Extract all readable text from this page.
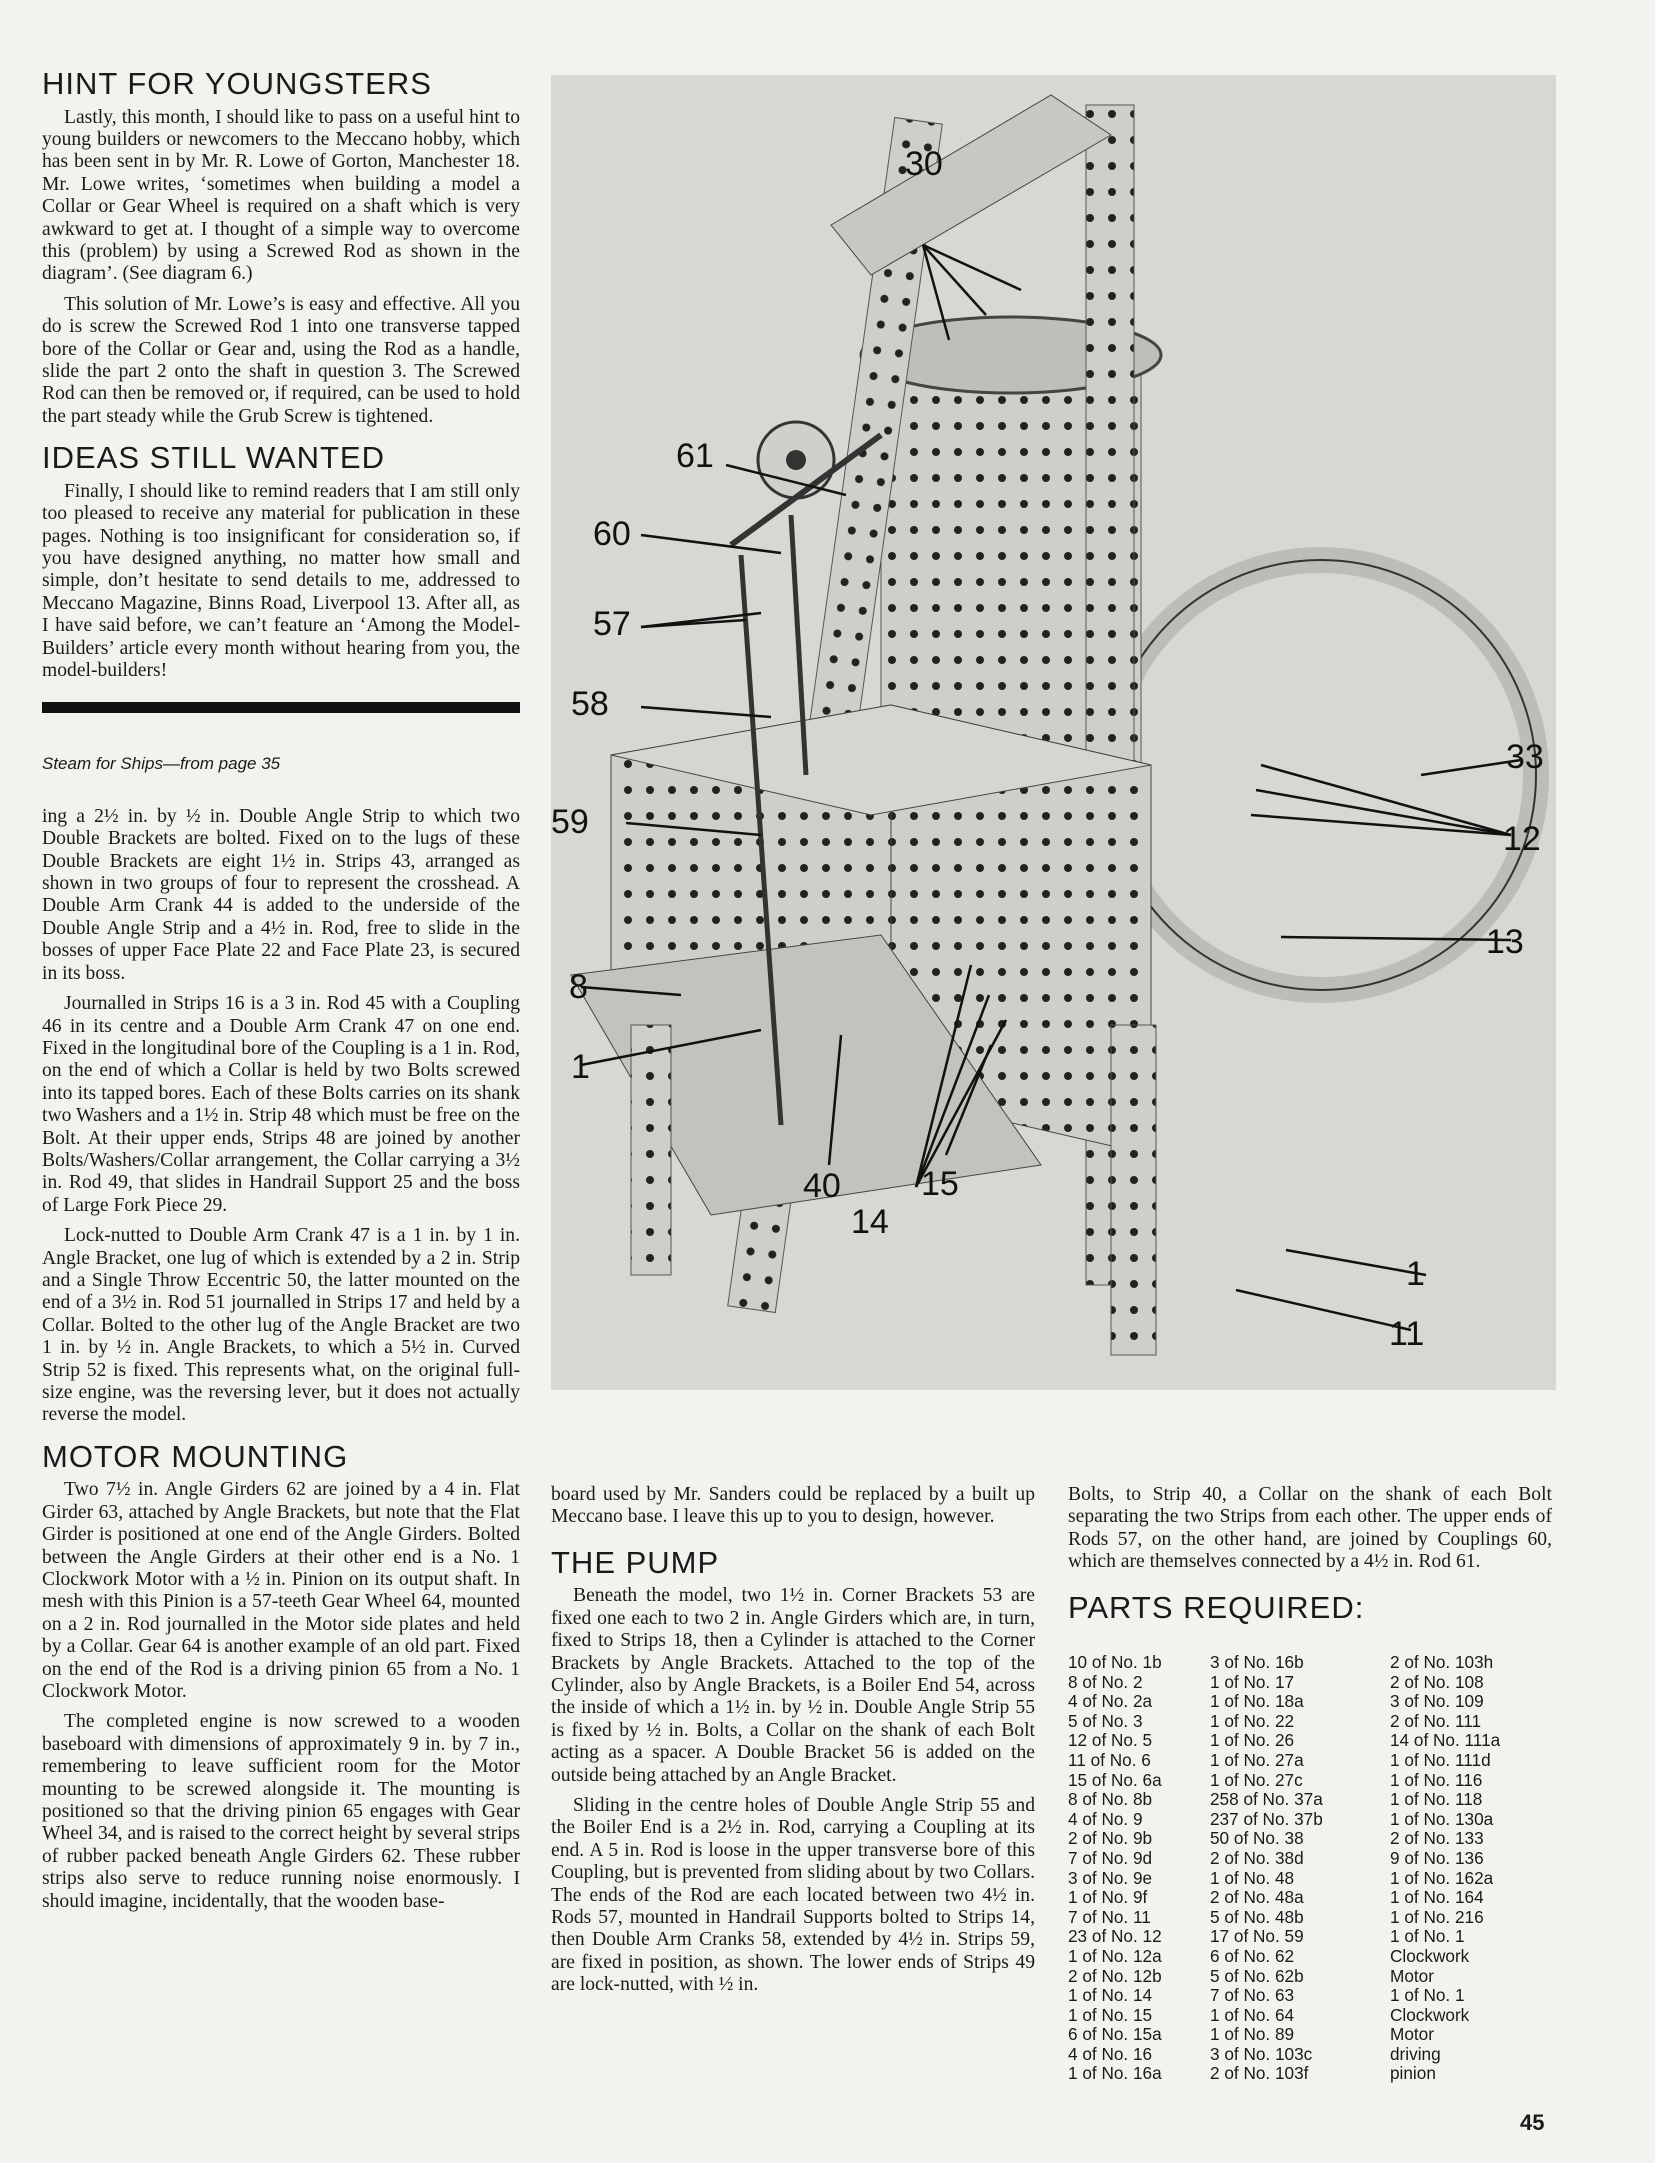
HINT FOR YOUNGSTERS

Lastly, this month, I should like to pass on a useful hint to young builders or newcomers to the Meccano hobby, which has been sent in by Mr. R. Lowe of Gorton, Manchester 18. Mr. Lowe writes, ‘sometimes when building a model a Collar or Gear Wheel is required on a shaft which is very awkward to get at. I thought of a simple way to overcome this (problem) by using a Screwed Rod as shown in the diagram’. (See diagram 6.)

This solution of Mr. Lowe’s is easy and effective. All you do is screw the Screwed Rod 1 into one transverse tapped bore of the Collar or Gear and, using the Rod as a handle, slide the part 2 onto the shaft in question 3. The Screwed Rod can then be removed or, if required, can be used to hold the part steady while the Grub Screw is tightened.

IDEAS STILL WANTED

Finally, I should like to remind readers that I am still only too pleased to receive any material for publication in these pages. Nothing is too insignificant for consideration so, if you have designed anything, no matter how small and simple, don’t hesitate to send details to me, addressed to Meccano Magazine, Binns Road, Liverpool 13. After all, as I have said before, we can’t feature an ‘Among the Model-Builders’ article every month without hearing from you, the model-builders!

Steam for Ships—from page 35

ing a 2½ in. by ½ in. Double Angle Strip to which two Double Brackets are bolted. Fixed on to the lugs of these Double Brackets are eight 1½ in. Strips 43, arranged as shown in two groups of four to represent the crosshead. A Double Arm Crank 44 is added to the underside of the Double Angle Strip and a 4½ in. Rod, free to slide in the bosses of upper Face Plate 22 and Face Plate 23, is secured in its boss.

Journalled in Strips 16 is a 3 in. Rod 45 with a Coupling 46 in its centre and a Double Arm Crank 47 on one end. Fixed in the longitudinal bore of the Coupling is a 1 in. Rod, on the end of which a Collar is held by two Bolts screwed into its tapped bores. Each of these Bolts carries on its shank two Washers and a 1½ in. Strip 48 which must be free on the Bolt. At their upper ends, Strips 48 are joined by another Bolts/Washers/Collar arrangement, the Collar carrying a 3½ in. Rod 49, that slides in Handrail Support 25 and the boss of Large Fork Piece 29.

Lock-nutted to Double Arm Crank 47 is a 1 in. by 1 in. Angle Bracket, one lug of which is extended by a 2 in. Strip and a Single Throw Eccentric 50, the latter mounted on the end of a 3½ in. Rod 51 journalled in Strips 17 and held by a Collar. Bolted to the other lug of the Angle Bracket are two 1 in. by ½ in. Angle Brackets, to which a 5½ in. Curved Strip 52 is fixed. This represents what, on the original full-size engine, was the reversing lever, but it does not actually reverse the model.

MOTOR MOUNTING

Two 7½ in. Angle Girders 62 are joined by a 4 in. Flat Girder 63, attached by Angle Brackets, but note that the Flat Girder is positioned at one end of the Angle Girders. Bolted between the Angle Girders at their other end is a No. 1 Clockwork Motor with a ½ in. Pinion on its output shaft. In mesh with this Pinion is a 57-teeth Gear Wheel 64, mounted on a 2 in. Rod journalled in the Motor side plates and held by a Collar. Gear 64 is another example of an old part. Fixed on the end of the Rod is a driving pinion 65 from a No. 1 Clockwork Motor.

The completed engine is now screwed to a wooden baseboard with dimensions of approximately 9 in. by 7 in., remembering to leave sufficient room for the Motor mounting to be screwed alongside it. The mounting is positioned so that the driving pinion 65 engages with Gear Wheel 34, and is raised to the correct height by several strips of rubber packed beneath Angle Girders 62. These rubber strips also serve to reduce running noise enormously. I should imagine, incidentally, that the wooden base-

30
61
60
57
58
59
8
1
40
14
15
33
12
13
1
11

board used by Mr. Sanders could be replaced by a built up Meccano base. I leave this up to you to design, however.

THE PUMP

Beneath the model, two 1½ in. Corner Brackets 53 are fixed one each to two 2 in. Angle Girders which are, in turn, fixed to Strips 18, then a Cylinder is attached to the Corner Brackets by Angle Brackets. Attached to the top of the Cylinder, also by Angle Brackets, is a Boiler End 54, across the inside of which a 1½ in. by ½ in. Double Angle Strip 55 is fixed by ½ in. Bolts, a Collar on the shank of each Bolt acting as a spacer. A Double Bracket 56 is added on the outside being attached by an Angle Bracket.

Sliding in the centre holes of Double Angle Strip 55 and the Boiler End is a 2½ in. Rod, carrying a Coupling at its end. A 5 in. Rod is loose in the upper transverse bore of this Coupling, but is prevented from sliding about by two Collars. The ends of the Rod are each located between two 4½ in. Rods 57, mounted in Handrail Supports bolted to Strips 14, then Double Arm Cranks 58, extended by 4½ in. Strips 59, are fixed in position, as shown. The lower ends of Strips 49 are lock-nutted, with ½ in.

Bolts, to Strip 40, a Collar on the shank of each Bolt separating the two Strips from each other. The upper ends of Rods 57, on the other hand, are joined by Couplings 60, which are themselves connected by a 4½ in. Rod 61.

PARTS REQUIRED:
10 of No. 1b
8 of No. 2
4 of No. 2a
5 of No. 3
12 of No. 5
11 of No. 6
15 of No. 6a
8 of No. 8b
4 of No. 9
2 of No. 9b
7 of No. 9d
3 of No. 9e
1 of No. 9f
7 of No. 11
23 of No. 12
1 of No. 12a
2 of No. 12b
1 of No. 14
1 of No. 15
6 of No. 15a
4 of No. 16
1 of No. 16a
3 of No. 16b
1 of No. 17
1 of No. 18a
1 of No. 22
1 of No. 26
1 of No. 27a
1 of No. 27c
258 of No. 37a
237 of No. 37b
50 of No. 38
2 of No. 38d
1 of No. 48
2 of No. 48a
5 of No. 48b
17 of No. 59
6 of No. 62
5 of No. 62b
7 of No. 63
1 of No. 64
1 of No. 89
3 of No. 103c
2 of No. 103f
2 of No. 103h
2 of No. 108
3 of No. 109
2 of No. 111
14 of No. 111a
1 of No. 111d
1 of No. 116
1 of No. 118
1 of No. 130a
2 of No. 133
9 of No. 136
1 of No. 162a
1 of No. 164
1 of No. 216
1 of No. 1
Clockwork
Motor
1 of No. 1
Clockwork
Motor
driving
pinion
45
